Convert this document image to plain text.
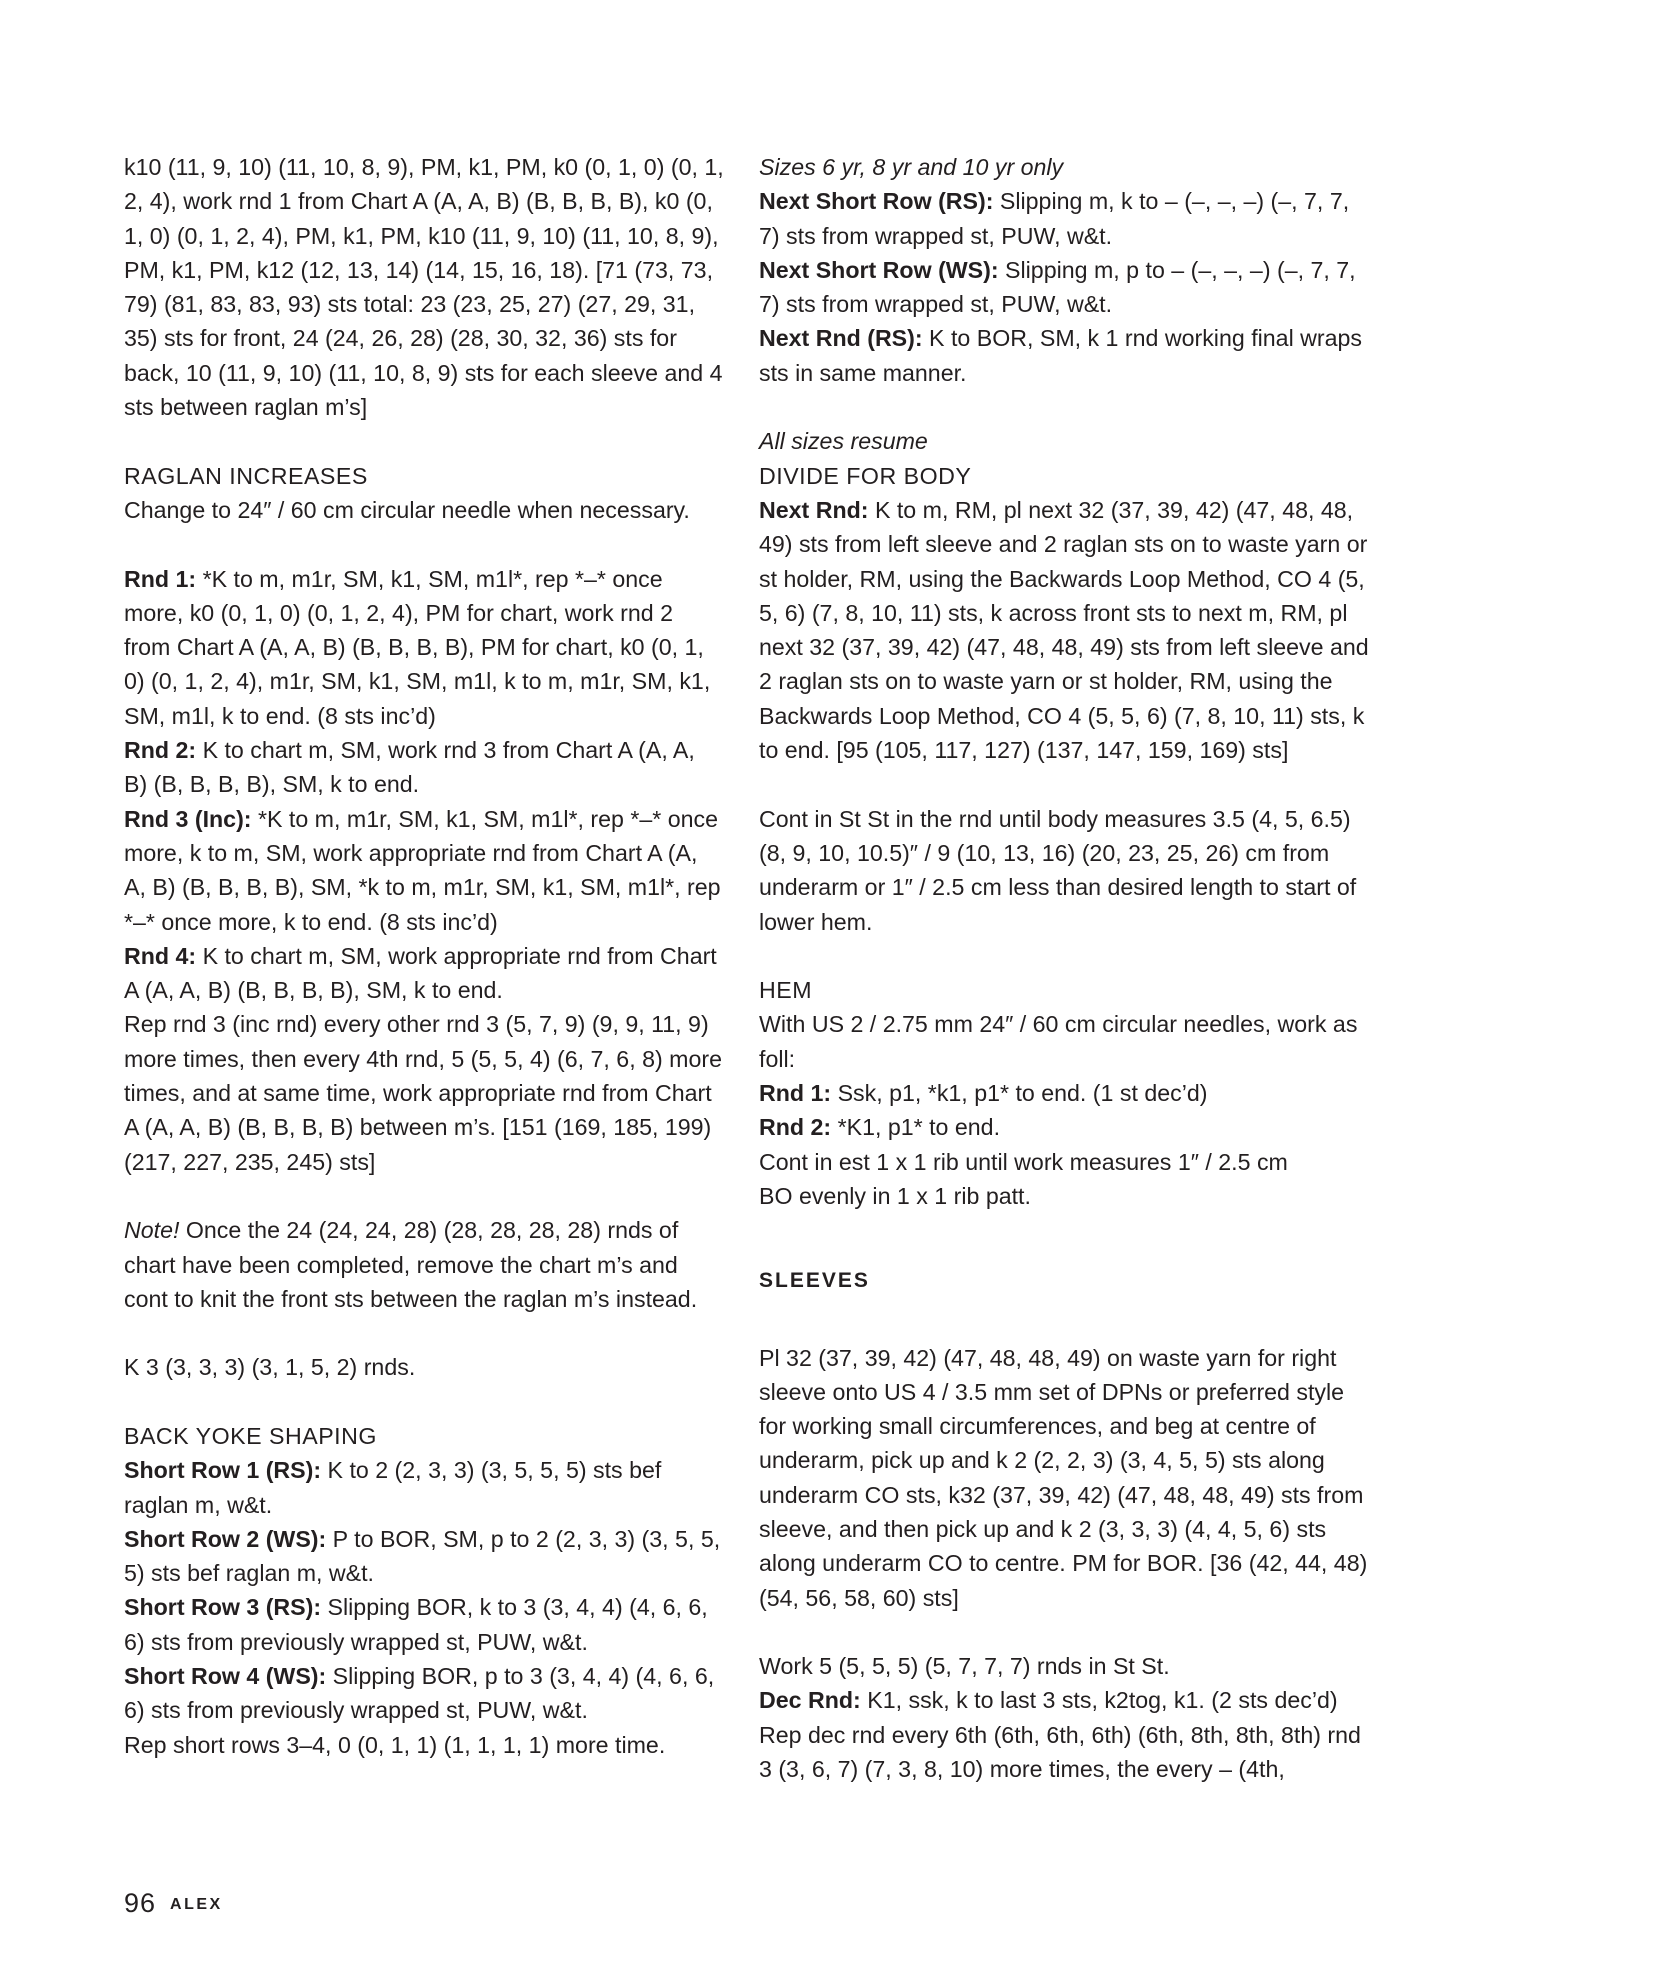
k10 (11, 9, 10) (11, 10, 8, 9), PM, k1, PM, k0 (0, 1, 0) (0, 1, 2, 4), work rnd 1 from Chart A (A, A, B) (B, B, B, B), k0 (0, 1, 0) (0, 1, 2, 4), PM, k1, PM, k10 (11, 9, 10) (11, 10, 8, 9), PM, k1, PM, k12 (12, 13, 14) (14, 15, 16, 18). [71 (73, 73, 79) (81, 83, 83, 93) sts total: 23 (23, 25, 27) (27, 29, 31, 35) sts for front, 24 (24, 26, 28) (28, 30, 32, 36) sts for back, 10 (11, 9, 10) (11, 10, 8, 9) sts for each sleeve and 4 sts between raglan m’s]

RAGLAN INCREASES

Change to 24″ / 60 cm circular needle when necessary.

Rnd 1: *K to m, m1r, SM, k1, SM, m1l*, rep *–* once more, k0 (0, 1, 0) (0, 1, 2, 4), PM for chart, work rnd 2 from Chart A (A, A, B) (B, B, B, B), PM for chart, k0 (0, 1, 0) (0, 1, 2, 4), m1r, SM, k1, SM, m1l, k to m, m1r, SM, k1, SM, m1l, k to end. (8 sts inc’d)

Rnd 2: K to chart m, SM, work rnd 3 from Chart A (A, A, B) (B, B, B, B), SM, k to end.

Rnd 3 (Inc): *K to m, m1r, SM, k1, SM, m1l*, rep *–* once more, k to m, SM, work appropriate rnd from Chart A (A, A, B) (B, B, B, B), SM, *k to m, m1r, SM, k1, SM, m1l*, rep *–* once more, k to end. (8 sts inc’d)

Rnd 4: K to chart m, SM, work appropriate rnd from Chart A (A, A, B) (B, B, B, B), SM, k to end.

Rep rnd 3 (inc rnd) every other rnd 3 (5, 7, 9) (9, 9, 11, 9) more times, then every 4th rnd, 5 (5, 5, 4) (6, 7, 6, 8) more times, and at same time, work appropriate rnd from Chart A (A, A, B) (B, B, B, B) between m’s. [151 (169, 185, 199) (217, 227, 235, 245) sts]

Note! Once the 24 (24, 24, 28) (28, 28, 28, 28) rnds of chart have been completed, remove the chart m’s and cont to knit the front sts between the raglan m’s instead.

K 3 (3, 3, 3) (3, 1, 5, 2) rnds.

BACK YOKE SHAPING

Short Row 1 (RS): K to 2 (2, 3, 3) (3, 5, 5, 5) sts bef raglan m, w&t.

Short Row 2 (WS): P to BOR, SM, p to 2 (2, 3, 3) (3, 5, 5, 5) sts bef raglan m, w&t.

Short Row 3 (RS): Slipping BOR, k to 3 (3, 4, 4) (4, 6, 6, 6) sts from previously wrapped st, PUW, w&t.

Short Row 4 (WS): Slipping BOR, p to 3 (3, 4, 4) (4, 6, 6, 6) sts from previously wrapped st, PUW, w&t.

Rep short rows 3–4, 0 (0, 1, 1) (1, 1, 1, 1) more time.

Sizes 6 yr, 8 yr and 10 yr only

Next Short Row (RS): Slipping m, k to – (–, –, –) (–, 7, 7, 7) sts from wrapped st, PUW, w&t.

Next Short Row (WS): Slipping m, p to – (–, –, –) (–, 7, 7, 7) sts from wrapped st, PUW, w&t.

Next Rnd (RS): K to BOR, SM, k 1 rnd working final wraps sts in same manner.

All sizes resume

DIVIDE FOR BODY

Next Rnd: K to m, RM, pl next 32 (37, 39, 42) (47, 48, 48, 49) sts from left sleeve and 2 raglan sts on to waste yarn or st holder, RM, using the Backwards Loop Method, CO 4 (5, 5, 6) (7, 8, 10, 11) sts, k across front sts to next m, RM, pl next 32 (37, 39, 42) (47, 48, 48, 49) sts from left sleeve and 2 raglan sts on to waste yarn or st holder, RM, using the Backwards Loop Method, CO 4 (5, 5, 6) (7, 8, 10, 11) sts, k to end. [95 (105, 117, 127) (137, 147, 159, 169) sts]

Cont in St St in the rnd until body measures 3.5 (4, 5, 6.5) (8, 9, 10, 10.5)″ / 9 (10, 13, 16) (20, 23, 25, 26) cm from underarm or 1″ / 2.5 cm less than desired length to start of lower hem.

HEM

With US 2 / 2.75 mm 24″ / 60 cm circular needles, work as foll:

Rnd 1: Ssk, p1, *k1, p1* to end. (1 st dec’d)

Rnd 2: *K1, p1* to end.

Cont in est 1 x 1 rib until work measures 1″ / 2.5 cm

BO evenly in 1 x 1 rib patt.

SLEEVES

Pl 32 (37, 39, 42) (47, 48, 48, 49) on waste yarn for right sleeve onto US 4 / 3.5 mm set of DPNs or preferred style for working small circumferences, and beg at centre of underarm, pick up and k 2 (2, 2, 3) (3, 4, 5, 5) sts along underarm CO sts, k32 (37, 39, 42) (47, 48, 48, 49) sts from sleeve, and then pick up and k 2 (3, 3, 3) (4, 4, 5, 6) sts along underarm CO to centre. PM for BOR. [36 (42, 44, 48) (54, 56, 58, 60) sts]

Work 5 (5, 5, 5) (5, 7, 7, 7) rnds in St St.

Dec Rnd: K1, ssk, k to last 3 sts, k2tog, k1. (2 sts dec’d)

Rep dec rnd every 6th (6th, 6th, 6th) (6th, 8th, 8th, 8th) rnd 3 (3, 6, 7) (7, 3, 8, 10) more times, the every – (4th,

96 ALEX
